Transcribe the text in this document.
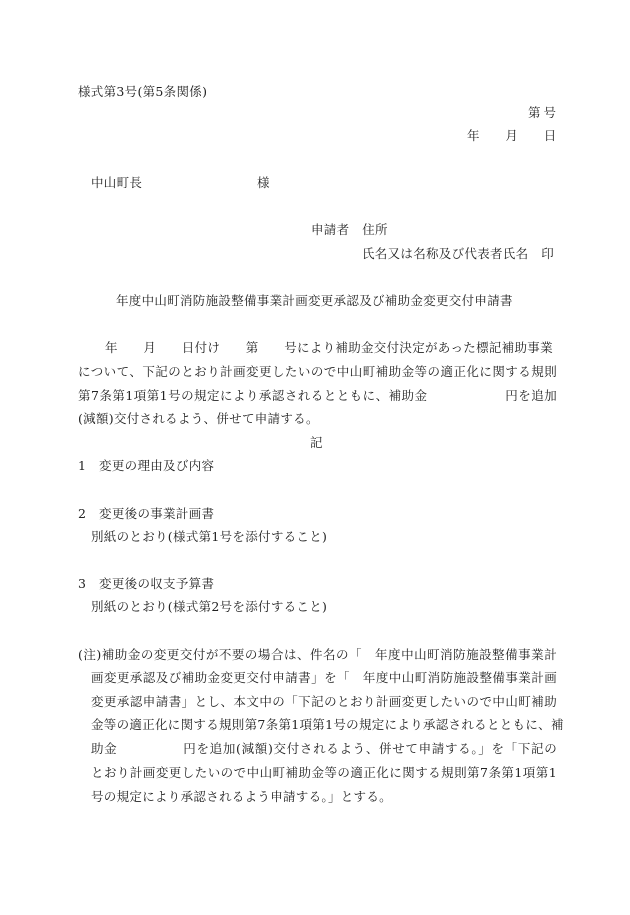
様式第3号(第5条関係)
第号
年　　月　　日
中山町長	様
申請者　住所
氏名又は名称及び代表者氏名　印
年度中山町消防施設整備事業計画変更承認及び補助金変更交付申請書
年　　月　　日付け　　第　　号により補助金交付決定があった標記補助事業
について、下記のとおり計画変更したいので中山町補助金等の適正化に関する規則
第7条第1項第1号の規定により承認されるとともに、補助金　　　　　　円を追加
(減額)交付されるよう、併せて申請する。
記
1　変更の理由及び内容
2　変更後の事業計画書
別紙のとおり(様式第1号を添付すること)
3　変更後の収支予算書
別紙のとおり(様式第2号を添付すること)
(注)補助金の変更交付が不要の場合は、件名の「　年度中山町消防施設整備事業計
画変更承認及び補助金変更交付申請書」を「　年度中山町消防施設整備事業計画
変更承認申請書」とし、本文中の「下記のとおり計画変更したいので中山町補助
金等の適正化に関する規則第7条第1項第1号の規定により承認されるとともに、補
助金　　　　　円を追加(減額)交付されるよう、併せて申請する。」を「下記の
とおり計画変更したいので中山町補助金等の適正化に関する規則第7条第1項第1
号の規定により承認されるよう申請する。」とする。
